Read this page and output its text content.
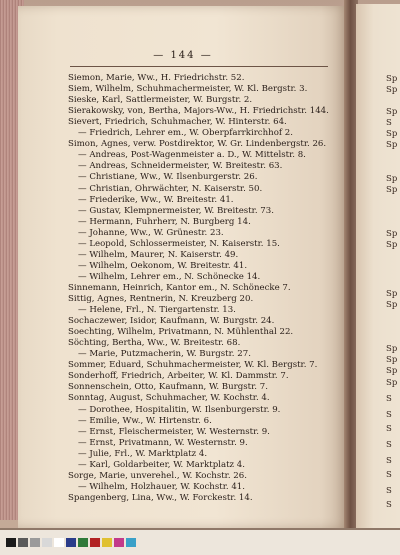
— 144 —
Siemon, Marie, Ww., H. Friedrichstr. 52.
Siem, Wilhelm, Schuhmachermeister, W. Kl. Bergstr. 3.
Sieske, Karl, Sattlermeister, W. Burgstr. 2.
Sierakowsky, von, Bertha, Majors-Ww., H. Friedrichstr. 144.
Sievert, Friedrich, Schuhmacher, W. Hinterstr. 64.
— Friedrich, Lehrer em., W. Oberpfarrkirchhof 2.
Simon, Agnes, verw. Postdirektor, W. Gr. Lindenbergstr. 26.
— Andreas, Post-Wagenmeister a. D., W. Mittelstr. 8.
— Andreas, Schneidermeister, W. Breitestr. 63.
— Christiane, Ww., W. Ilsenburgerstr. 26.
— Christian, Ohrwächter, N. Kaiserstr. 50.
— Friederike, Ww., W. Breitestr. 41.
— Gustav, Klempnermeister, W. Breitestr. 73.
— Hermann, Fuhrherr, N. Burgberg 14.
— Johanne, Ww., W. Grünestr. 23.
— Leopold, Schlossermeister, N. Kaiserstr. 15.
— Wilhelm, Maurer, N. Kaiserstr. 49.
— Wilhelm, Oekonom, W. Breitestr. 41.
— Wilhelm, Lehrer em., N. Schönecke 14.
Sinnemann, Heinrich, Kantor em., N. Schönecke 7.
Sittig, Agnes, Rentnerin, N. Kreuzberg 20.
— Helene, Frl., N. Tiergartenstr. 13.
Sochaczewer, Isidor, Kaufmann, W. Burgstr. 24.
Soechting, Wilhelm, Privatmann, N. Mühlenthal 22.
Söchting, Bertha, Ww., W. Breitestr. 68.
— Marie, Putzmacherin, W. Burgstr. 27.
Sommer, Eduard, Schuhmachermeister, W. Kl. Bergstr. 7.
Sonderhoff, Friedrich, Arbeiter, W. Kl. Dammstr. 7.
Sonnenschein, Otto, Kaufmann, W. Burgstr. 7.
Sonntag, August, Schuhmacher, W. Kochstr. 4.
— Dorothee, Hospitalitin, W. Ilsenburgerstr. 9.
— Emilie, Ww., W. Hirtenstr. 6.
— Ernst, Fleischermeister, W. Westernstr. 9.
— Ernst, Privatmann, W. Westernstr. 9.
— Julie, Frl., W. Marktplatz 4.
— Karl, Goldarbeiter, W. Marktplatz 4.
Sorge, Marie, unverehel., W. Kochstr. 26.
— Wilhelm, Holzhauer, W. Kochstr. 41.
Spangenberg, Lina, Ww., W. Forckestr. 14.
Sp
Sp
Sp
S
Sp
Sp
Sp
Sp
Sp
Sp
Sp
Sp
Sp
Sp
Sp
Sp
S
S
S
S
S
S
S
S
